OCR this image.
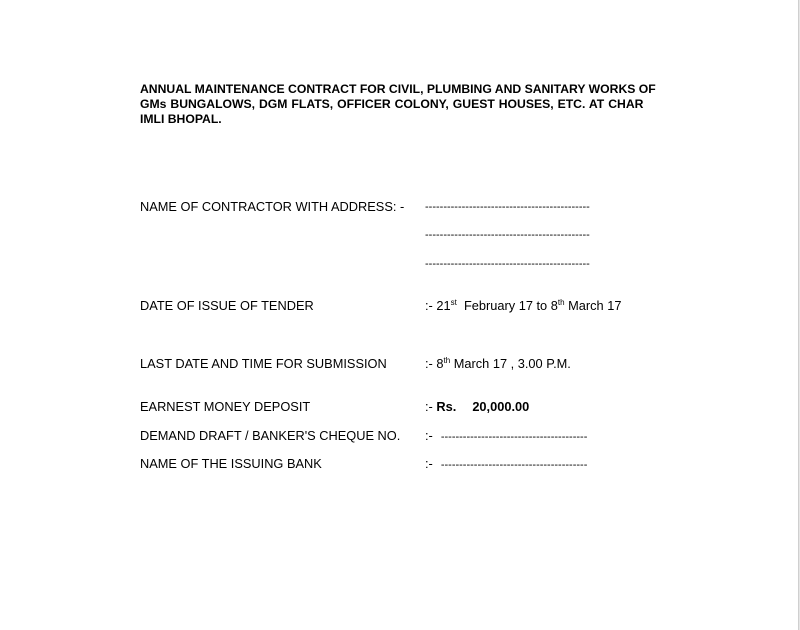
ANNUAL MAINTENANCE CONTRACT FOR CIVIL, PLUMBING AND SANITARY WORKS OF
GMs BUNGALOWS, DGM FLATS, OFFICER COLONY, GUEST HOUSES, ETC. AT CHAR
IMLI BHOPAL.
NAME OF CONTRACTOR WITH ADDRESS: - ---------------------------------------------
---------------------------------------------
---------------------------------------------
DATE OF ISSUE OF TENDER	:- 21st  February 17 to 8th March 17
LAST DATE AND TIME FOR SUBMISSION	:- 8th March 17 , 3.00 P.M.
EARNEST MONEY DEPOSIT	:- Rs. 20,000.00
DEMAND DRAFT / BANKER'S CHEQUE NO. :- ----------------------------------------
NAME OF THE ISSUING BANK	:- ----------------------------------------
